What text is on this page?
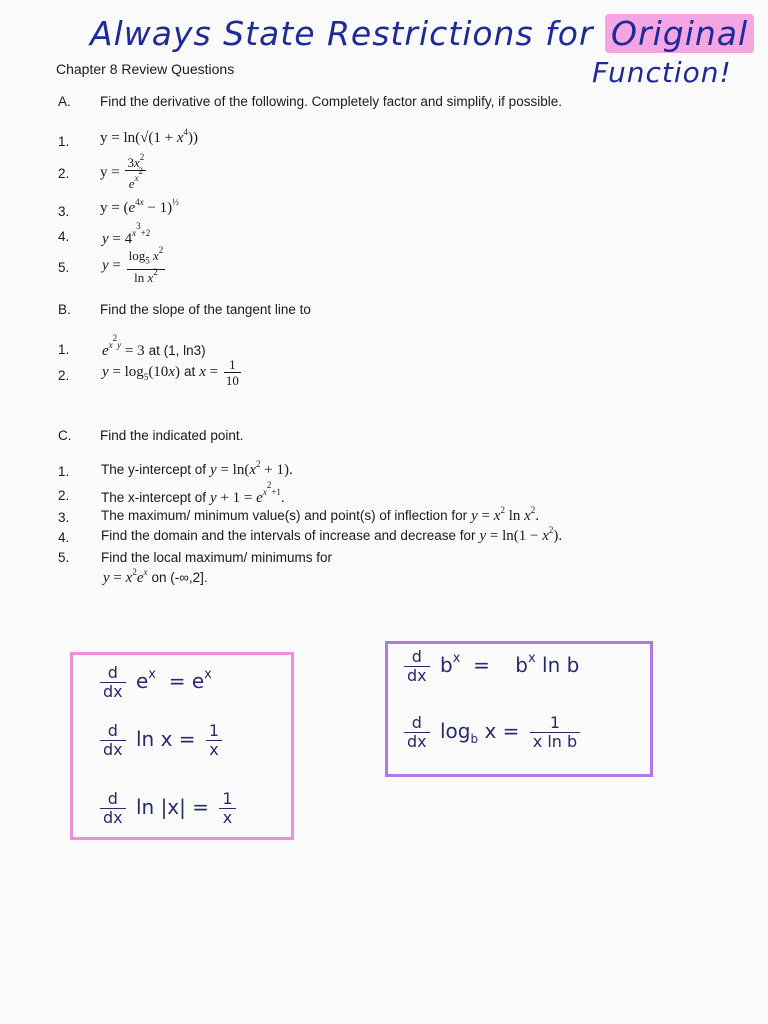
Always State Restrictions for Original
Function!
Chapter 8 Review Questions
A. Find the derivative of the following. Completely factor and simplify, if possible.
1. $y = \ln(√(1 + x^4))$
2. $y = \frac{3x^2}{e^{x^2}}$
3. $y = (e^{4x} - 1)^{\frac{1}{2}}$
4. $y = 4^{x^3+2}$
5. $y = \frac{\log_5 x^2}{\ln x^2}$
B. Find the slope of the tangent line to
1. $e^{x^2y} = 3$ at (1, ln3)
2. $y = \log_5(10x)$ at $x = \frac{1}{10}$
C. Find the indicated point.
1. The y-intercept of $y = \ln(x^2 + 1)$.
2. The x-intercept of $y + 1 = e^{x^2+1}$.
3. The maximum/ minimum value(s) and point(s) of inflection for $y = x^2$ $\ln x^2$.
4. Find the domain and the intervals of increase and decrease for $y = \ln(1 - x^2)$.
5. Find the local maximum/ minimums for
$y = x^2e^x$ on (-∞,2].
$\frac{d}{dx} e^x = e^x$
$\frac{d}{dx}$ $\ln x = \frac{1}{x}$
$\frac{d}{dx}$ $\ln |x| = \frac{1}{x}$
$\frac{d}{dx} b^x$  =    $b^x$ ln b
$\frac{d}{dx} \log_b x = \frac{1}{\text{x ln b}}$
